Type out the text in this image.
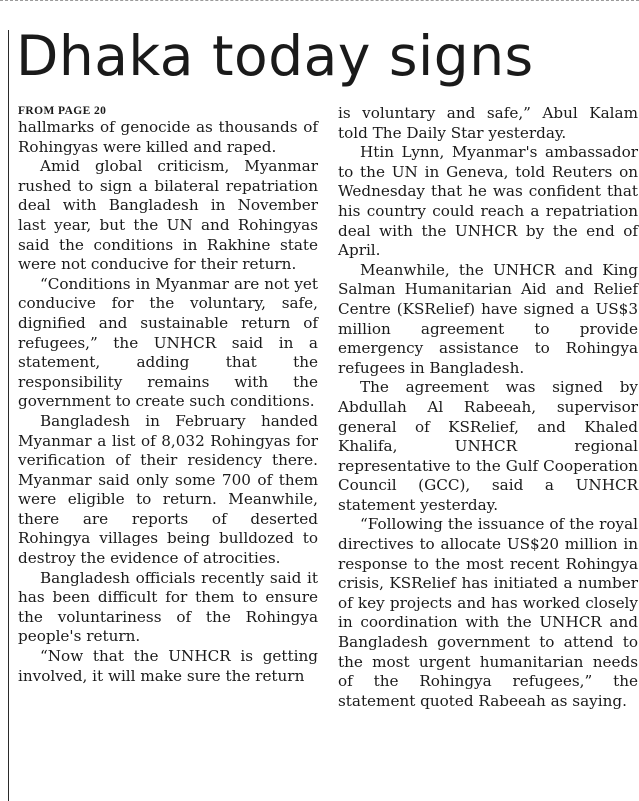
Dhaka today signs
FROM PAGE 20

hallmarks of genocide as thousands of Rohingyas were killed and raped.

Amid global criticism, Myanmar rushed to sign a bilateral repatriation deal with Bangladesh in November last year, but the UN and Rohingyas said the conditions in Rakhine state were not conducive for their return.

“Conditions in Myanmar are not yet conducive for the voluntary, safe, dignified and sustainable return of refugees,” the UNHCR said in a statement, adding that the responsibility remains with the government to create such conditions.

Bangladesh in February handed Myanmar a list of 8,032 Rohingyas for verification of their residency there. Myanmar said only some 700 of them were eligible to return. Meanwhile, there are reports of deserted Rohingya villages being bulldozed to destroy the evidence of atrocities.

Bangladesh officials recently said it has been difficult for them to ensure the voluntariness of the Rohingya people's return.

“Now that the UNHCR is getting involved, it will make sure the return

is voluntary and safe,” Abul Kalam told The Daily Star yesterday.

Htin Lynn, Myanmar's ambassador to the UN in Geneva, told Reuters on Wednesday that he was confident that his country could reach a repatriation deal with the UNHCR by the end of April.

Meanwhile, the UNHCR and King Salman Humanitarian Aid and Relief Centre (KSRelief) have signed a US$3 million agreement to provide emergency assistance to Rohingya refugees in Bangladesh.

The agreement was signed by Abdullah Al Rabeeah, supervisor general of KSRelief, and Khaled Khalifa, UNHCR regional representative to the Gulf Cooperation Council (GCC), said a UNHCR statement yesterday.

“Following the issuance of the royal directives to allocate US$20 million in response to the most recent Rohingya crisis, KSRelief has initiated a number of key projects and has worked closely in coordination with the UNHCR and Bangladesh government to attend to the most urgent humanitarian needs of the Rohingya refugees,” the statement quoted Rabeeah as saying.
